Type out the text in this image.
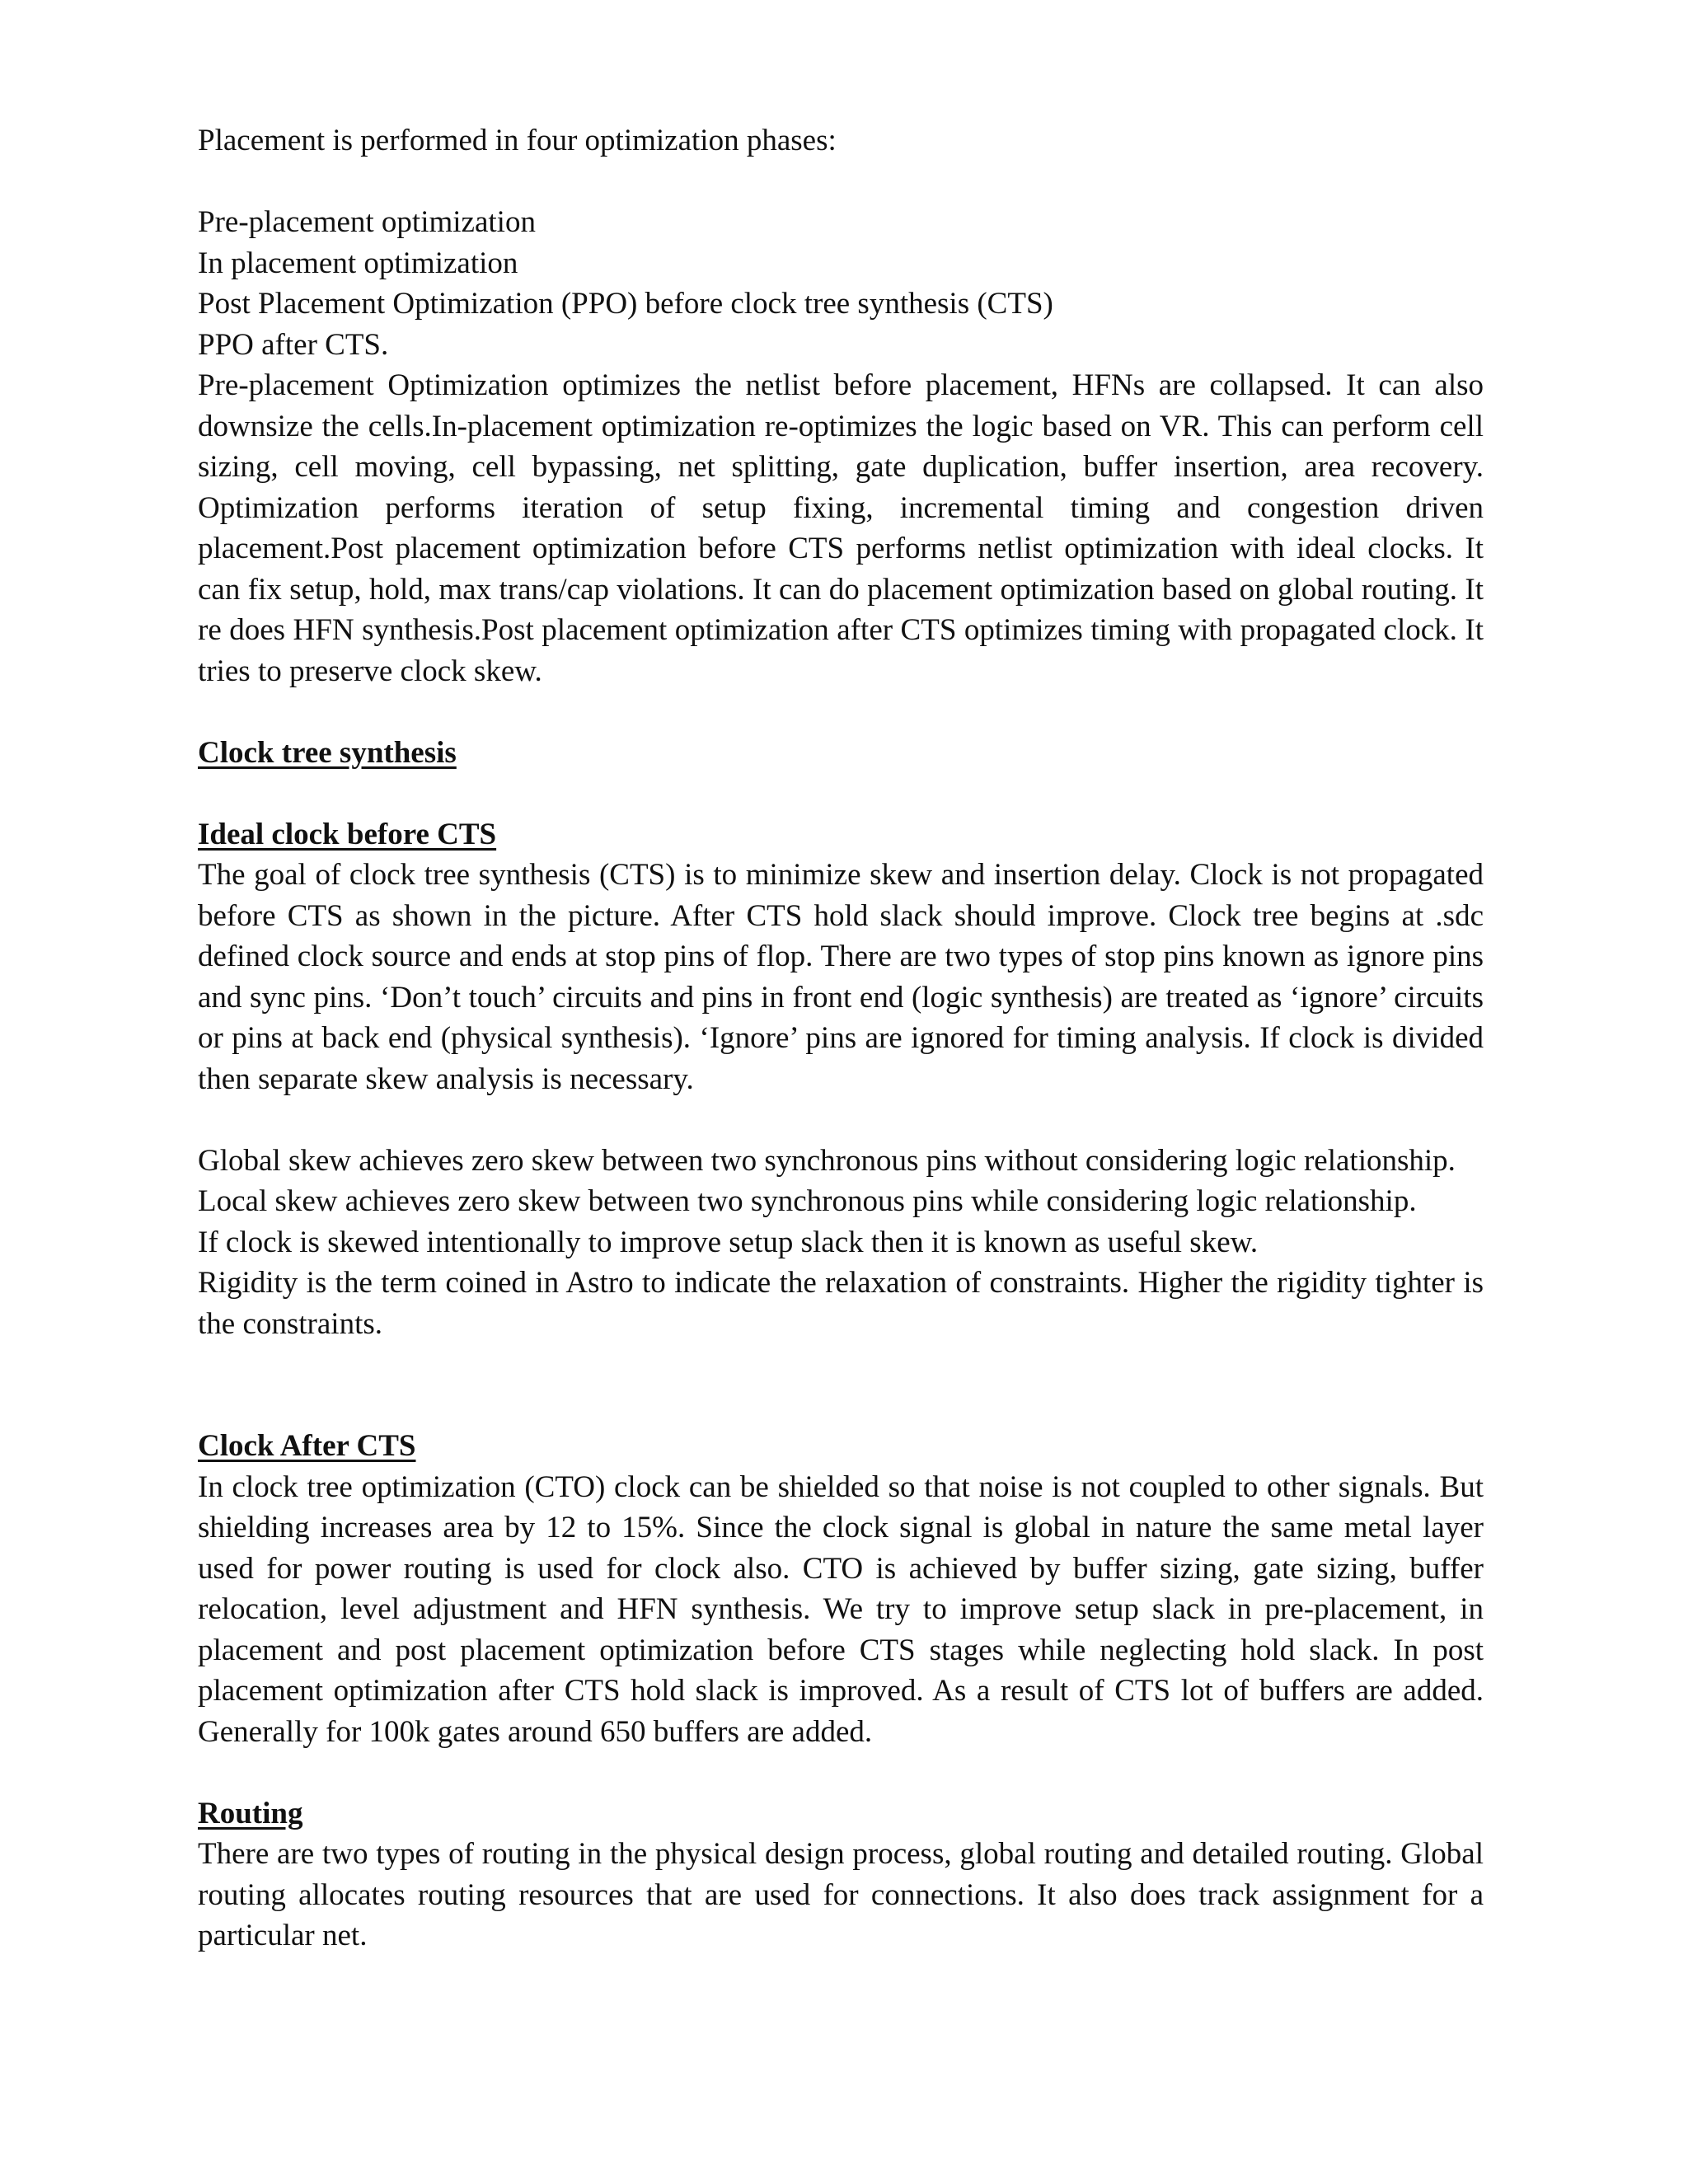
Placement is performed in four optimization phases:

Pre-placement optimization

In placement optimization

Post Placement Optimization (PPO) before clock tree synthesis (CTS)

PPO after CTS.

Pre-placement Optimization optimizes the netlist before placement, HFNs are collapsed. It can also downsize the cells.In-placement optimization re-optimizes the logic based on VR. This can perform cell sizing, cell moving, cell bypassing, net splitting, gate duplication, buffer insertion, area recovery. Optimization performs iteration of setup fixing, incremental timing and congestion driven placement.Post placement optimization before CTS performs netlist optimization with ideal clocks. It can fix setup, hold, max trans/cap violations. It can do placement optimization based on global routing. It re does HFN synthesis.Post placement optimization after CTS optimizes timing with propagated clock. It tries to preserve clock skew.

Clock tree synthesis

Ideal clock before CTS

The goal of clock tree synthesis (CTS) is to minimize skew and insertion delay. Clock is not propagated before CTS as shown in the picture. After CTS hold slack should improve. Clock tree begins at .sdc defined clock source and ends at stop pins of flop. There are two types of stop pins known as ignore pins and sync pins. ‘Don’t touch’ circuits and pins in front end (logic synthesis) are treated as ‘ignore’ circuits or pins at back end (physical synthesis). ‘Ignore’ pins are ignored for timing analysis. If clock is divided then separate skew analysis is necessary.

Global skew achieves zero skew between two synchronous pins without considering logic relationship.

Local skew achieves zero skew between two synchronous pins while considering logic relationship.

If clock is skewed intentionally to improve setup slack then it is known as useful skew.

Rigidity is the term coined in Astro to indicate the relaxation of constraints. Higher the rigidity tighter is the constraints.

Clock After CTS

In clock tree optimization (CTO) clock can be shielded so that noise is not coupled to other signals. But shielding increases area by 12 to 15%. Since the clock signal is global in nature the same metal layer used for power routing is used for clock also. CTO is achieved by buffer sizing, gate sizing, buffer relocation, level adjustment and HFN synthesis. We try to improve setup slack in pre-placement, in placement and post placement optimization before CTS stages while neglecting hold slack. In post placement optimization after CTS hold slack is improved. As a result of CTS lot of buffers are added. Generally for 100k gates around 650 buffers are added.

Routing

There are two types of routing in the physical design process, global routing and detailed routing. Global routing allocates routing resources that are used for connections. It also does track assignment for a particular net.
